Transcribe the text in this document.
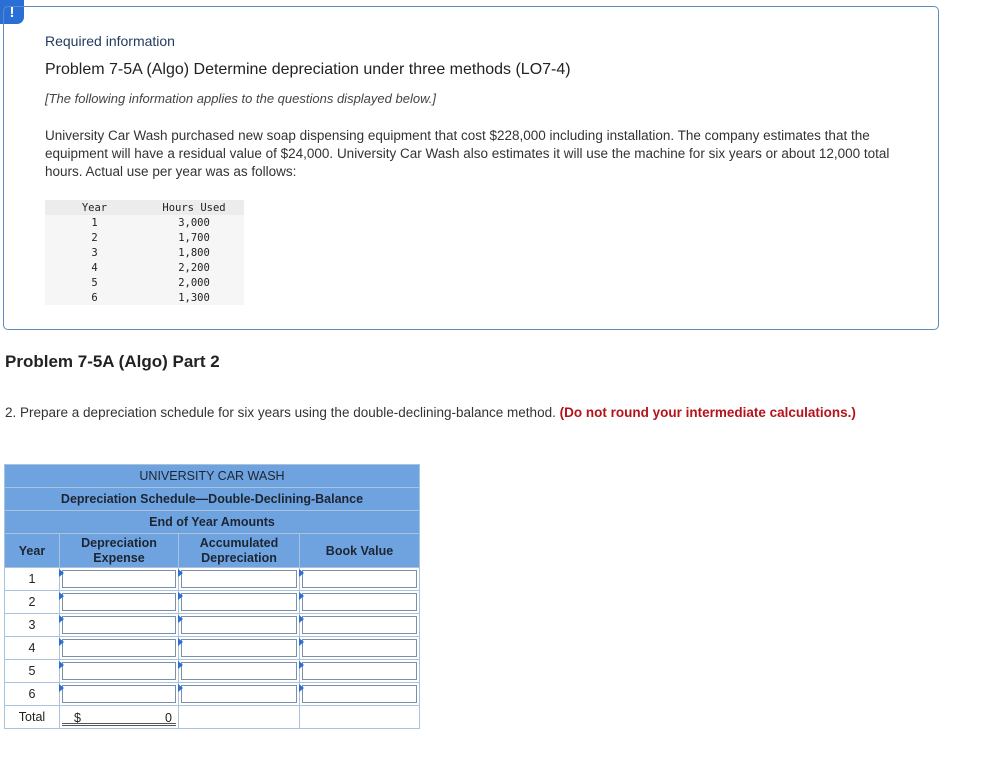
!
Required information
Problem 7-5A (Algo) Determine depreciation under three methods (LO7-4)
[The following information applies to the questions displayed below.]
University Car Wash purchased new soap dispensing equipment that cost $228,000 including installation. The company estimates that the equipment will have a residual value of $24,000. University Car Wash also estimates it will use the machine for six years or about 12,000 total hours. Actual use per year was as follows:
Year	Hours Used
1	3,000
2	1,700
3	1,800
4	2,200
5	2,000
6	1,300
Problem 7-5A (Algo) Part 2
2. Prepare a depreciation schedule for six years using the double-declining-balance method. (Do not round your intermediate calculations.)
UNIVERSITY CAR WASH			
Depreciation Schedule—Double-Declining-Balance			
End of Year Amounts			
Year	Depreciation Expense	Accumulated Depreciation	Book Value
1	

2	

3	

4	

5	

6	

Total	$ 0		
